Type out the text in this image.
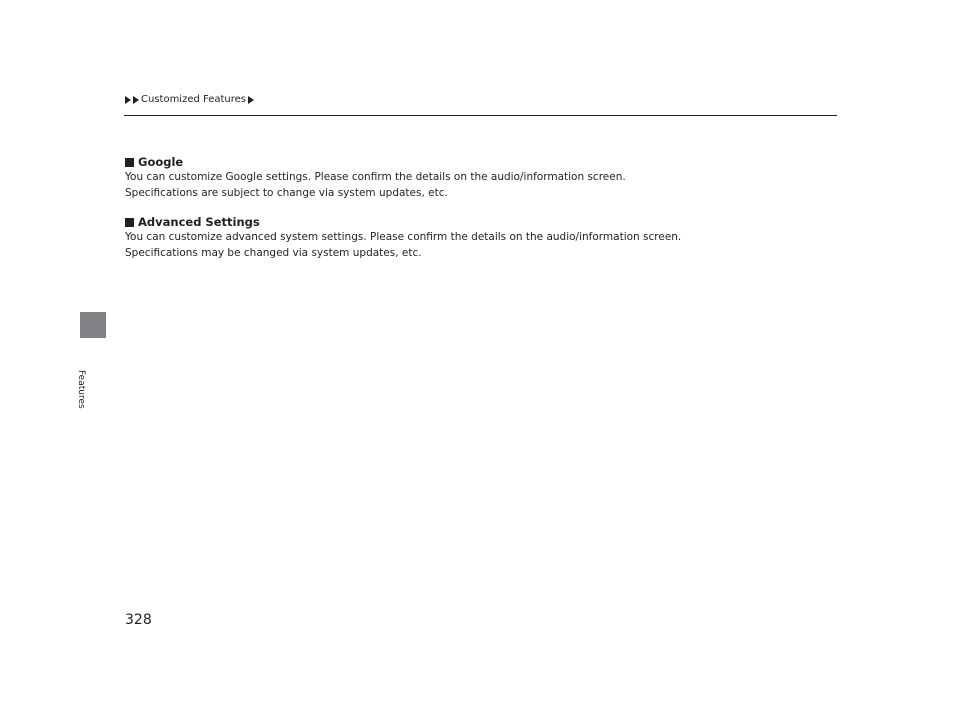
Customized Features
Features
Google

You can customize Google settings. Please confirm the details on the audio/information screen.

Specifications are subject to change via system updates, etc.

Advanced Settings

You can customize advanced system settings. Please confirm the details on the audio/information screen.

Specifications may be changed via system updates, etc.

328
